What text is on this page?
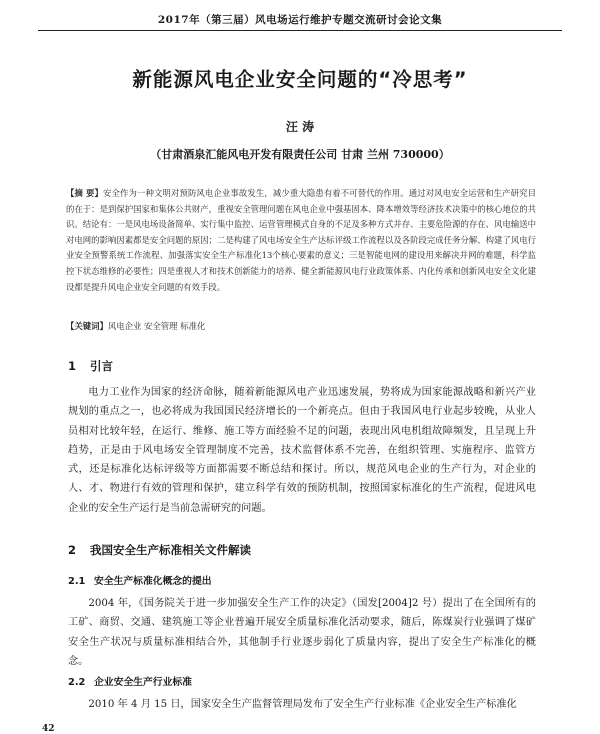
2017年（第三届）风电场运行维护专题交流研讨会论文集
新能源风电企业安全问题的“冷思考”
汪 涛
（甘肃酒泉汇能风电开发有限责任公司 甘肃 兰州 730000）
【摘 要】安全作为一种文明对预防风电企业事故发生，减少重大隐患有着不可替代的作用。通过对风电安全运营和生产研究目的在于：是到保护国家和集体公共财产，重视安全管理问题在风电企业中强基固本、降本增效等经济技术决策中的核心地位的共识。结论有：一是风电场设备简单、实行集中监控、运营管理模式自身的不足及多种方式并存、主要危险源的存在、风电输送中对电网的影响因素都是安全问题的原因；二是构建了风电场安全生产达标评级工作流程以及各阶段完成任务分解、构建了风电行业安全预警系统工作流程、加强落实安全生产标准化13个核心要素的意义；三是智能电网的建设用来解决并网的难题，科学监控下状态维修的必要性；四是重视人才和技术创新能力的培养、健全新能源风电行业政策体系、内化传承和创新风电安全文化建设都是提升风电企业安全问题的有效手段。
【关键词】风电企业 安全管理 标准化
1 引言
电力工业作为国家的经济命脉，随着新能源风电产业迅速发展，势将成为国家能源战略和新兴产业规划的重点之一，也必将成为我国国民经济增长的一个新亮点。但由于我国风电行业起步较晚，从业人员相对比较年轻，在运行、维修、施工等方面经验不足的问题，表现出风电机组故障频发，且呈现上升趋势，正是由于风电场安全管理制度不完善，技术监督体系不完善，在组织管理、实施程序、监管方式，还是标准化达标评级等方面都需要不断总结和探讨。所以，规范风电企业的生产行为，对企业的人、才、物进行有效的管理和保护，建立科学有效的预防机制，按照国家标准化的生产流程，促进风电企业的安全生产运行是当前急需研究的问题。
2 我国安全生产标准相关文件解读
2.1 安全生产标准化概念的提出
2004 年，《国务院关于进一步加强安全生产工作的决定》（国发[2004]2 号）提出了在全国所有的工矿、商贸、交通、建筑施工等企业普遍开展安全质量标准化活动要求，随后，陈煤炭行业强调了煤矿安全生产状况与质量标准相结合外，其他制手行业逐步弱化了质量内容，提出了安全生产标准化的概念。
2.2 企业安全生产行业标准
2010 年 4 月 15 日，国家安全生产监督管理局发布了安全生产行业标准《企业安全生产标准化
42
